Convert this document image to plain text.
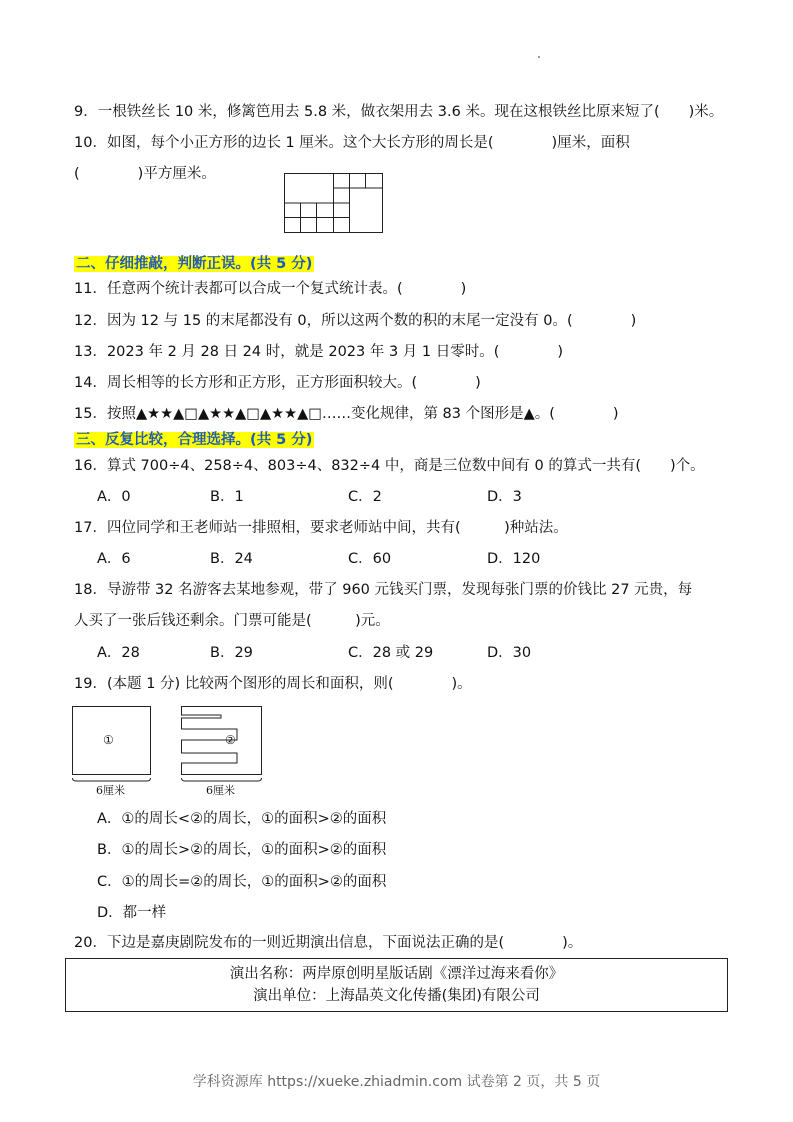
9．一根铁丝长 10 米，修篱笆用去 5.8 米，做衣架用去 3.6 米。现在这根铁丝比原来短了(　　)米。
10．如图，每个小正方形的边长 1 厘米。这个大长方形的周长是(　　　　)厘米，面积
(　　　　)平方厘米。
二、仔细推敲，判断正误。(共 5 分)
11．任意两个统计表都可以合成一个复式统计表。(　　　　)
12．因为 12 与 15 的末尾都没有 0，所以这两个数的积的末尾一定没有 0。(　　　　)
13．2023 年 2 月 28 日 24 时，就是 2023 年 3 月 1 日零时。(　　　　)
14．周长相等的长方形和正方形，正方形面积较大。(　　　　)
15．按照▲★★▲□▲★★▲□▲★★▲□……变化规律，第 83 个图形是▲。(　　　　)
三、反复比较，合理选择。(共 5 分)
16．算式 700÷4、258÷4、803÷4、832÷4 中，商是三位数中间有 0 的算式一共有(　　)个。
A．0	B．1	C．2	D．3
17．四位同学和王老师站一排照相，要求老师站中间，共有(　　　)种站法。
A．6	B．24	C．60	D．120
18．导游带 32 名游客去某地参观，带了 960 元钱买门票，发现每张门票的价钱比 27 元贵，每
人买了一张后钱还剩余。门票可能是(　　　)元。
A．28	B．29	C．28 或 29	D．30
19．(本题 1 分) 比较两个图形的周长和面积，则(　　　　)。
①
6厘米
②
6厘米
A．①的周长<②的周长，①的面积>②的面积
B．①的周长>②的周长，①的面积>②的面积
C．①的周长=②的周长，①的面积>②的面积
D．都一样
20．下边是嘉庚剧院发布的一则近期演出信息，下面说法正确的是(　　　　)。
演出名称：两岸原创明星版话剧《漂洋过海来看你》
演出单位：上海晶英文化传播(集团)有限公司
学科资源库 https://xueke.zhiadmin.com 试卷第 2 页，共 5 页
